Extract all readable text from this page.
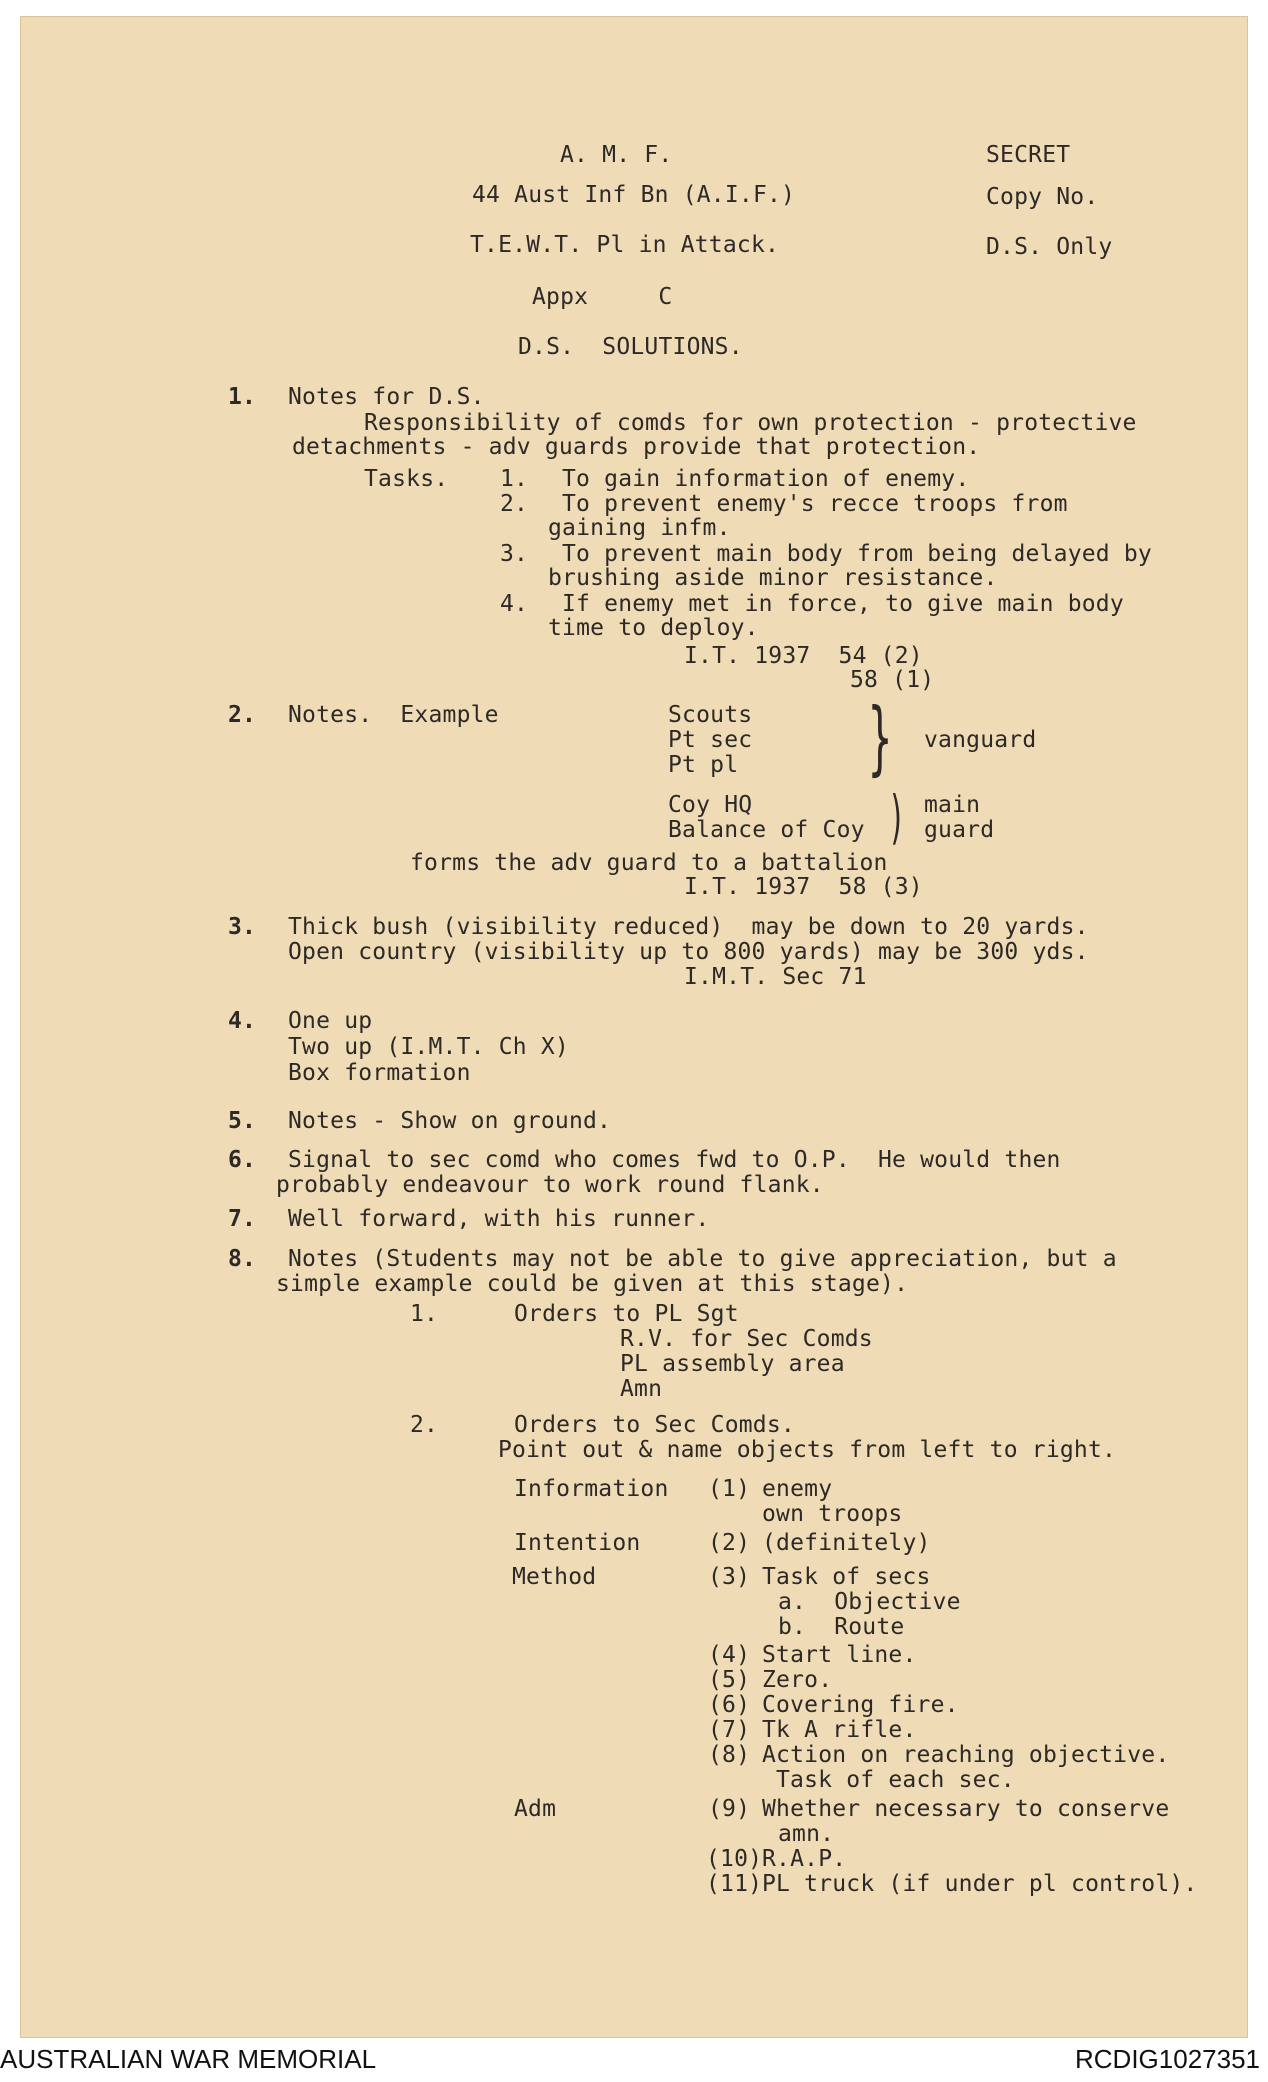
A. M. F.	SECRET
44 Aust Inf Bn (A.I.F.)	Copy No.
T.E.W.T. Pl in Attack.	D.S. Only
Appx     C
D.S.  SOLUTIONS.
1. Notes for D.S.
Responsibility of comds for own protection - protective
detachments - adv guards provide that protection.
Tasks. 1. To gain information of enemy.
2. To prevent enemy's recce troops from
gaining infm.
3. To prevent main body from being delayed by
brushing aside minor resistance.
4. If enemy met in force, to give main body
time to deploy.
I.T. 1937  54 (2)
58 (1)
2. Notes.  Example	Scouts
Pt sec
Pt pl } vanguard
Coy HQ
Balance of Coy ) main
guard
forms the adv guard to a battalion
I.T. 1937  58 (3)
3. Thick bush (visibility reduced)  may be down to 20 yards.
Open country (visibility up to 800 yards) may be 300 yds.
I.M.T. Sec 71
4. One up
Two up (I.M.T. Ch X)
Box formation
5. Notes - Show on ground.
6. Signal to sec comd who comes fwd to O.P.  He would then
probably endeavour to work round flank.
7. Well forward, with his runner.
8. Notes (Students may not be able to give appreciation, but a
simple example could be given at this stage).
1.	Orders to PL Sgt
R.V. for Sec Comds
PL assembly area
Amn
2.	Orders to Sec Comds.
Point out & name objects from left to right.
Information (1) enemy
own troops
Intention	(2) (definitely)
Method	(3) Task of secs
a.  Objective
b.  Route
(4) Start line.
(5) Zero.
(6) Covering fire.
(7) Tk A rifle.
(8) Action on reaching objective.
Task of each sec.
Adm	(9) Whether necessary to conserve
amn.
(10) R.A.P.
(11) PL truck (if under pl control).
AUSTRALIAN WAR MEMORIAL	RCDIG1027351
